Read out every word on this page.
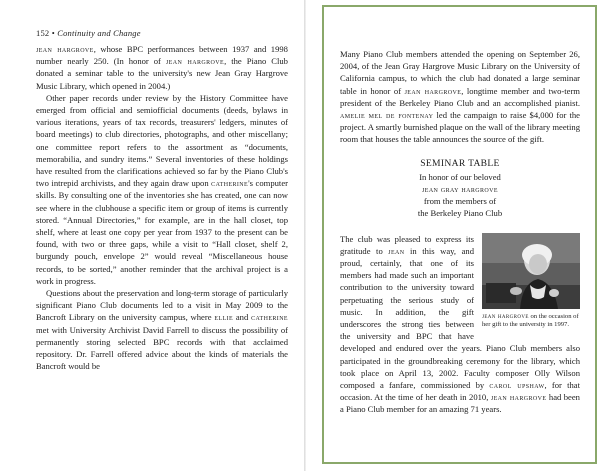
152 • Continuity and Change

jean hargrove, whose BPC performances between 1937 and 1998 number nearly 250. (In honor of jean hargrove, the Piano Club donated a seminar table to the university's new Jean Gray Hargrove Music Library, which opened in 2004.)

Other paper records under review by the History Committee have emerged from official and semiofficial documents (deeds, bylaws in various iterations, years of tax records, treasurers' ledgers, minutes of board meetings) to club directories, photographs, and other miscellany; one committee report refers to the assortment as “documents, memorabilia, and sundry items.” Several inventories of these holdings have resulted from the clarifications achieved so far by the Piano Club's two intrepid archivists, and they again draw upon catherine's computer skills. By consulting one of the inventories she has created, one can now see where in the clubhouse a specific item or group of items is currently stored. “Annual Directories,” for example, are in the hall closet, top shelf, where at least one copy per year from 1937 to the present can be found, with two or three gaps, while a visit to “Hall closet, shelf 2, burgundy pouch, envelope 2” would reveal “Miscellaneous house records, to be sorted,” another reminder that the archival project is a work in progress.

Questions about the preservation and long-term storage of particularly significant Piano Club documents led to a visit in May 2009 to the Bancroft Library on the university campus, where ellie and catherine met with University Archivist David Farrell to discuss the possibility of permanently storing selected BPC records with that acclaimed repository. Dr. Farrell offered advice about the kinds of materials the Bancroft would be

Many Piano Club members attended the opening on September 26, 2004, of the Jean Gray Hargrove Music Library on the University of California campus, to which the club had donated a large seminar table in honor of jean hargrove, longtime member and two-term president of the Berkeley Piano Club and an accomplished pianist. amelie mel de fontenay led the campaign to raise $4,000 for the project. A smartly burnished plaque on the wall of the library meeting room that houses the table announces the source of the gift.

SEMINAR TABLE
In honor of our beloved
jean gray hargrove
from the members of
the Berkeley Piano Club
jean hargrove on the occasion of her gift to the university in 1997.

The club was pleased to express its gratitude to jean in this way, and proud, certainly, that one of its members had made such an important contribution to the university toward perpetuating the serious study of music. In addition, the gift underscores the strong ties between the university and BPC that have developed and endured over the years. Piano Club members also participated in the groundbreaking ceremony for the library, which took place on April 13, 2002. Faculty composer Olly Wilson composed a fanfare, commissioned by carol upshaw, for that occasion. At the time of her death in 2010, jean hargrove had been a Piano Club member for an amazing 71 years.
